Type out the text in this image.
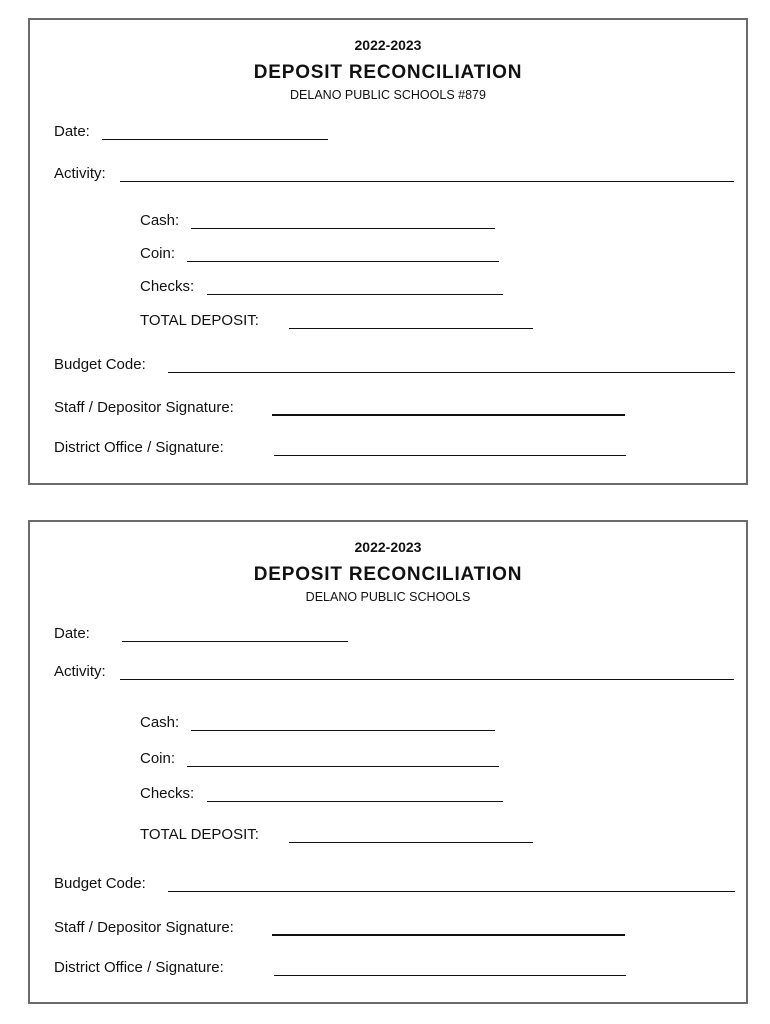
2022-2023
DEPOSIT RECONCILIATION
DELANO PUBLIC SCHOOLS #879
Date:
Activity:
Cash:
Coin:
Checks:
TOTAL DEPOSIT:
Budget Code:
Staff / Depositor Signature:
District Office / Signature:
2022-2023
DEPOSIT RECONCILIATION
DELANO PUBLIC SCHOOLS
Date:
Activity:
Cash:
Coin:
Checks:
TOTAL DEPOSIT:
Budget Code:
Staff / Depositor Signature:
District Office / Signature:
